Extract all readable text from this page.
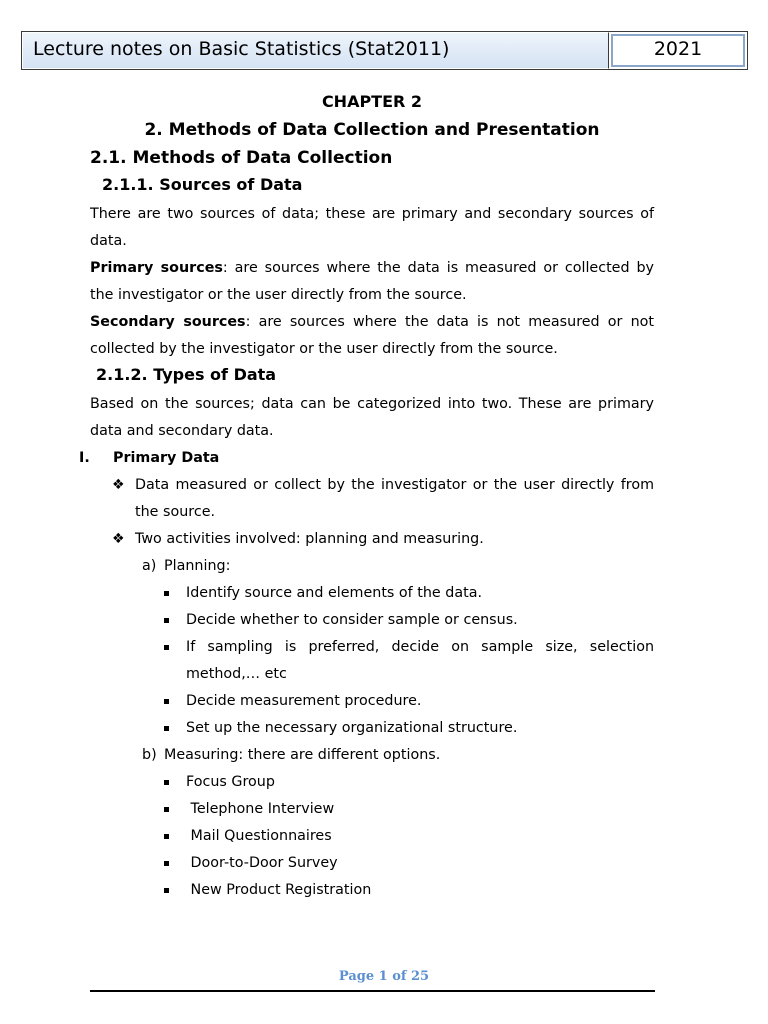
Lecture notes on Basic Statistics (Stat2011)	2021
CHAPTER 2
2. Methods of Data Collection and Presentation
2.1. Methods of Data Collection
2.1.1. Sources of Data

There are two sources of data; these are primary and secondary sources of data.

Primary sources: are sources where the data is measured or collected by the investigator or the user directly from the source.

Secondary sources: are sources where the data is not measured or not collected by the investigator or the user directly from the source.

2.1.2. Types of Data

Based on the sources; data can be categorized into two. These are primary data and secondary data.

I. Primary Data
❖ Data measured or collect by the investigator or the user directly from the source.
❖ Two activities involved: planning and measuring.
a) Planning:
Identify source and elements of the data.
Decide whether to consider sample or census.
If sampling is preferred, decide on sample size, selection method,… etc
Decide measurement procedure.
Set up the necessary organizational structure.
b) Measuring: there are different options.
Focus Group
Telephone Interview
Mail Questionnaires
Door-to-Door Survey
New Product Registration
Page 1 of 25
